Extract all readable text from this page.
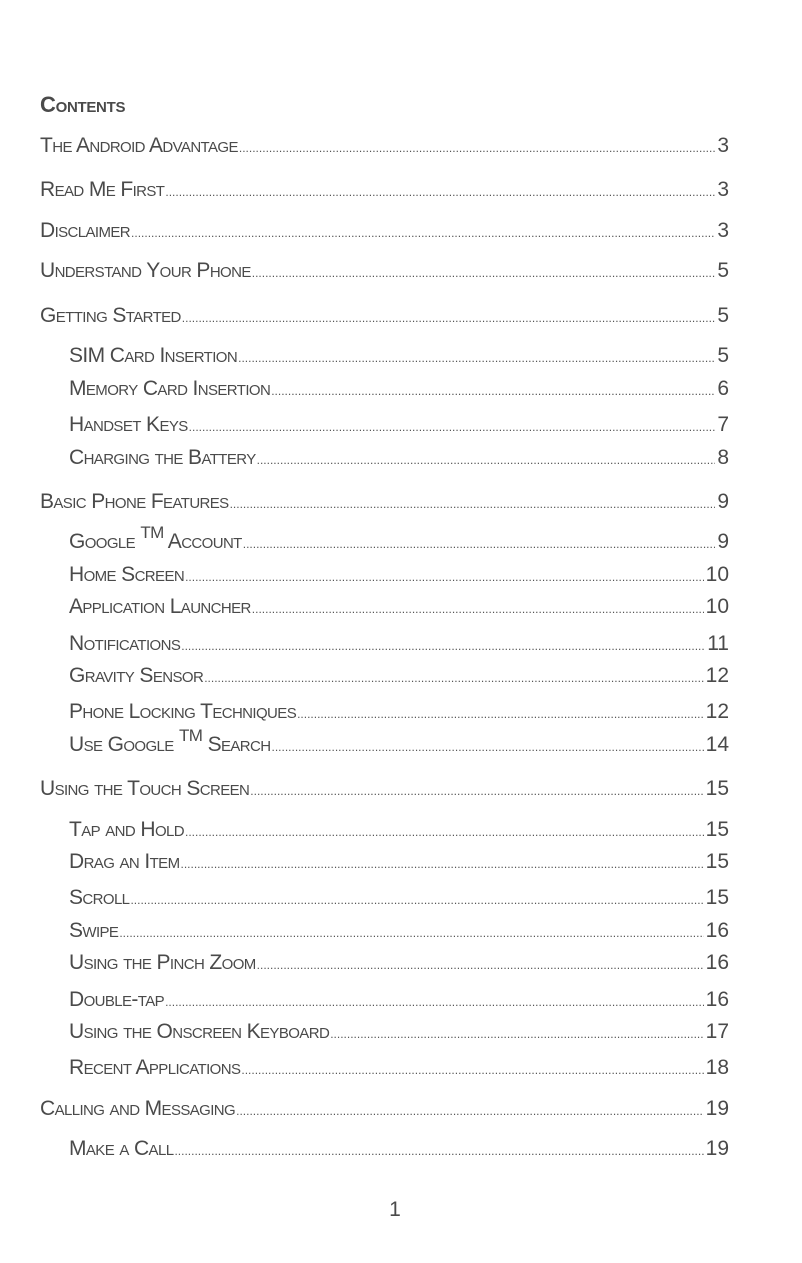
Contents
The Android Advantage .....	3
Read Me First .....	3
Disclaimer .....	3
Understand Your Phone .....	5
Getting Started .....	5
SIM Card Insertion .....	5
Memory Card Insertion .....	6
Handset Keys .....	7
Charging the Battery .....	8
Basic Phone Features .....	9
Google ™ Account .....	9
Home Screen .....	10
Application Launcher .....	10
Notifications .....	11
Gravity Sensor .....	12
Phone Locking Techniques .....	12
Use Google ™ Search .....	14
Using the Touch Screen .....	15
Tap and Hold .....	15
Drag an Item .....	15
Scroll .....	15
Swipe .....	16
Using the Pinch Zoom .....	16
Double-tap .....	16
Using the Onscreen Keyboard .....	17
Recent Applications .....	18
Calling and Messaging .....	19
Make a Call .....	19
1
